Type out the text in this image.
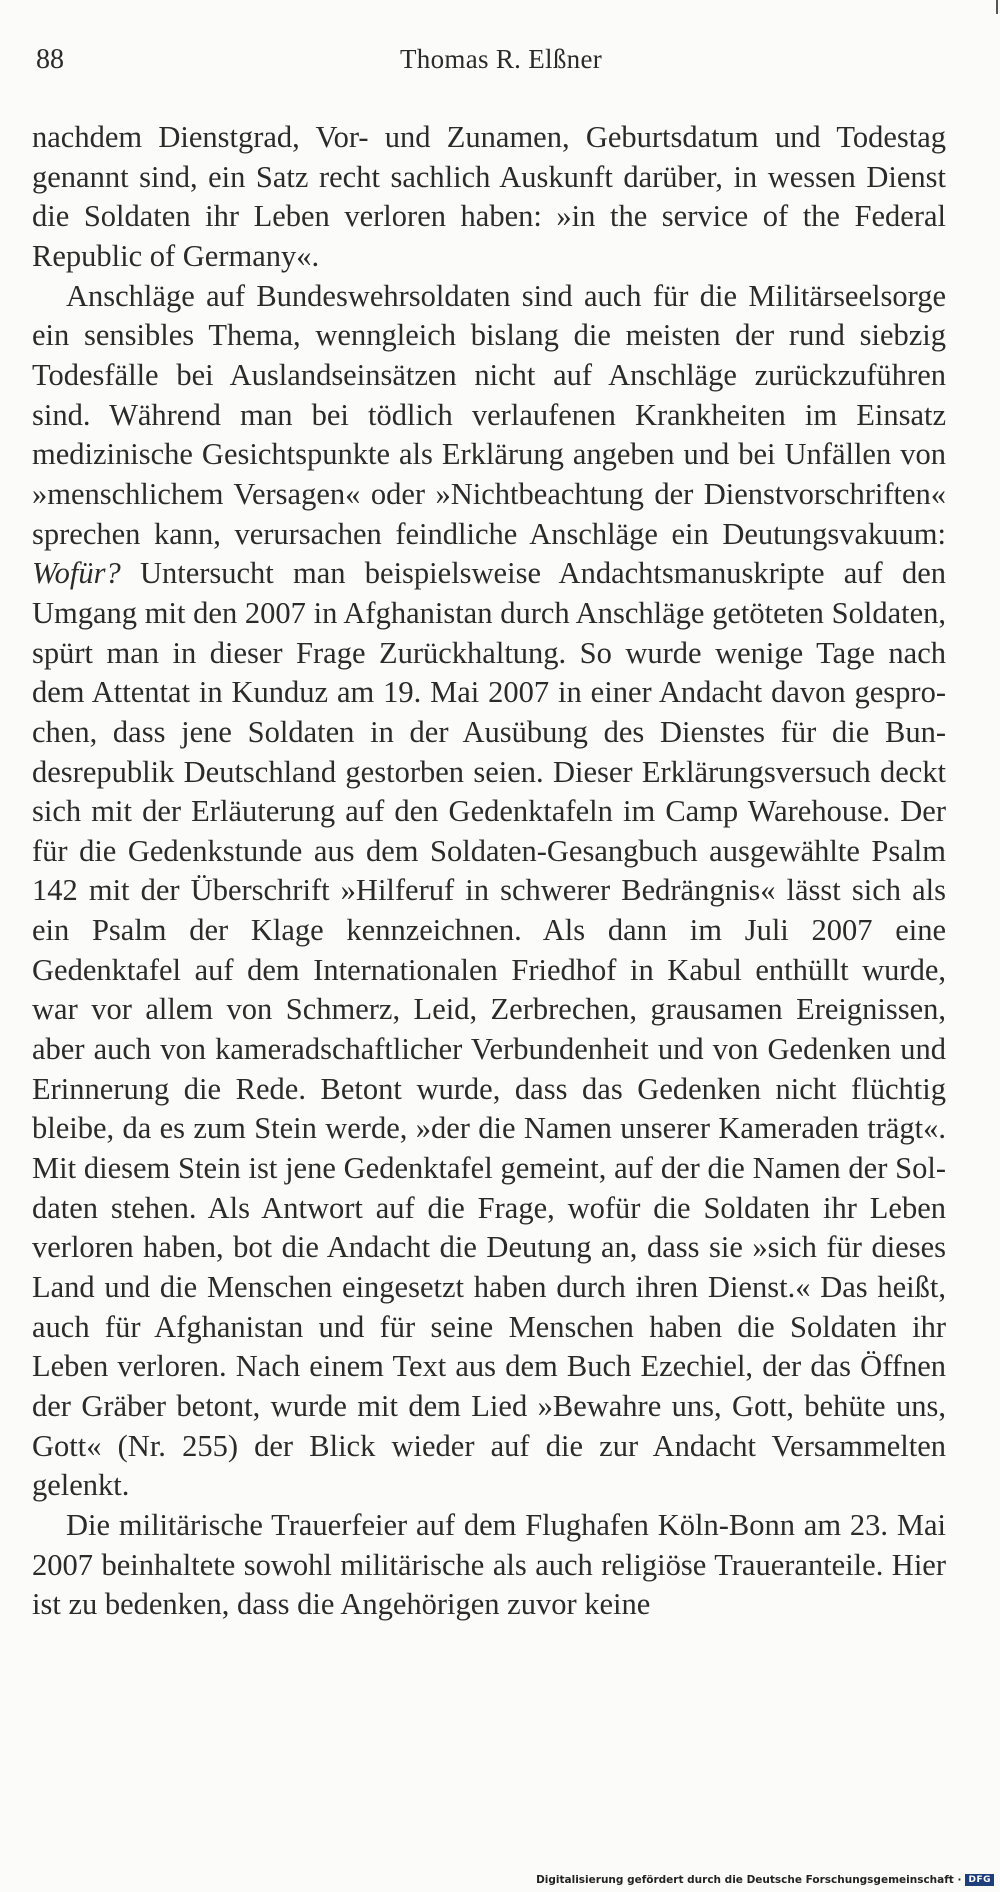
88	Thomas R. Elßner

nachdem Dienstgrad, Vor- und Zunamen, Geburtsdatum und Todestag genannt sind, ein Satz recht sachlich Auskunft darüber, in wessen Dienst die Soldaten ihr Leben verloren haben: »in the service of the Federal Republic of Germany«.

Anschläge auf Bundeswehrsoldaten sind auch für die Militärseelsorge ein sensibles Thema, wenngleich bislang die meisten der rund siebzig Todesfälle bei Auslandseinsätzen nicht auf Anschläge zurückzuführen sind. Während man bei tödlich verlaufenen Krankheiten im Einsatz medizinische Gesichtspunkte als Erklärung angeben und bei Unfällen von »menschlichem Versagen« oder »Nichtbeachtung der Dienstvorschriften« sprechen kann, verursachen feindliche Anschläge ein Deutungsvakuum: Wofür? Untersucht man beispielsweise Andachtsmanuskripte auf den Umgang mit den 2007 in Afghanistan durch Anschläge getöteten Soldaten, spürt man in dieser Frage Zurückhaltung. So wurde wenige Tage nach dem Attentat in Kunduz am 19. Mai 2007 in einer Andacht davon gesprochen, dass jene Soldaten in der Ausübung des Dienstes für die Bundesrepublik Deutschland gestorben seien. Dieser Erklärungsversuch deckt sich mit der Erläuterung auf den Gedenktafeln im Camp Warehouse. Der für die Gedenkstunde aus dem Soldaten-Gesangbuch ausgewählte Psalm 142 mit der Überschrift »Hilferuf in schwerer Bedrängnis« lässt sich als ein Psalm der Klage kennzeichnen. Als dann im Juli 2007 eine Gedenktafel auf dem Internationalen Friedhof in Kabul enthüllt wurde, war vor allem von Schmerz, Leid, Zerbrechen, grausamen Ereignissen, aber auch von kameradschaftlicher Verbundenheit und von Gedenken und Erinnerung die Rede. Betont wurde, dass das Gedenken nicht flüchtig bleibe, da es zum Stein werde, »der die Namen unserer Kameraden trägt«. Mit diesem Stein ist jene Gedenktafel gemeint, auf der die Namen der Soldaten stehen. Als Antwort auf die Frage, wofür die Soldaten ihr Leben verloren haben, bot die Andacht die Deutung an, dass sie »sich für dieses Land und die Menschen eingesetzt haben durch ihren Dienst.« Das heißt, auch für Afghanistan und für seine Menschen haben die Soldaten ihr Leben verloren. Nach einem Text aus dem Buch Ezechiel, der das Öffnen der Gräber betont, wurde mit dem Lied »Bewahre uns, Gott, behüte uns, Gott« (Nr. 255) der Blick wieder auf die zur Andacht Versammelten gelenkt.

Die militärische Trauerfeier auf dem Flughafen Köln-Bonn am 23. Mai 2007 beinhaltete sowohl militärische als auch religiöse Traueranteile. Hier ist zu bedenken, dass die Angehörigen zuvor keine

Digitalisierung gefördert durch die Deutsche Forschungsgemeinschaft · DFG
